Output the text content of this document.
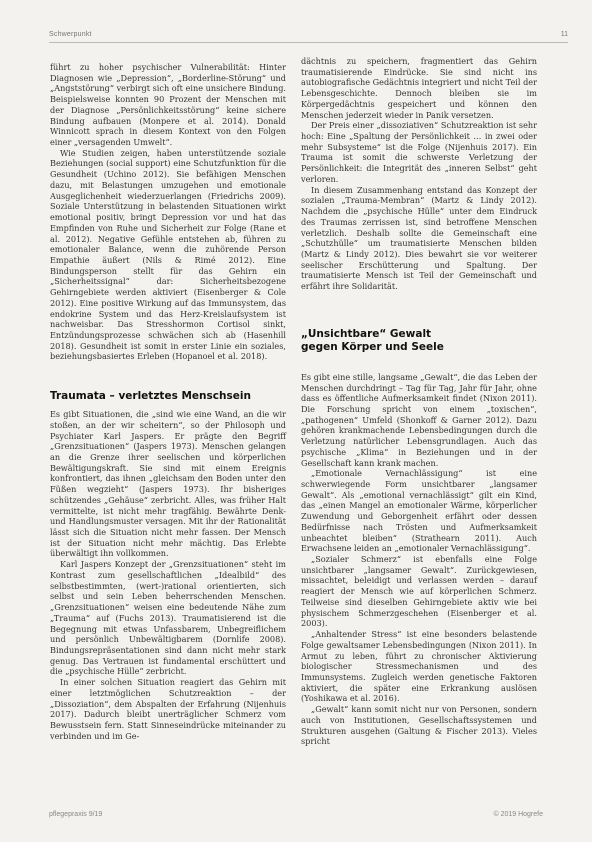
Schwerpunkt	11

führt zu hoher psychischer Vulnerabilität: Hinter Diagnosen wie „Depression“, „Borderline-Störung“ und „Angststörung“ verbirgt sich oft eine unsichere Bindung. Beispielsweise konnten 90 Prozent der Menschen mit der Diagnose „Persönlichkeitsstörung“ keine sichere Bindung aufbauen (Monpere et al. 2014). Donald Winnicott sprach in diesem Kontext von den Folgen einer „versagenden Umwelt“.

Wie Studien zeigen, haben unterstützende soziale Beziehungen (social support) eine Schutzfunktion für die Gesundheit (Uchino 2012). Sie befähigen Menschen dazu, mit Belastungen umzugehen und emotionale Ausgeglichenheit wiederzuerlangen (Friedrichs 2009). Soziale Unterstützung in belastenden Situationen wirkt emotional positiv, bringt Depression vor und hat das Empfinden von Ruhe und Sicherheit zur Folge (Rane et al. 2012). Negative Gefühle entstehen ab, führen zu emotionaler Balance, wenn die zuhörende Person Empathie äußert (Nils & Rimé 2012). Eine Bindungsperson stellt für das Gehirn ein „Sicherheitssignal“ dar: Sicherheitsbezogene Gehirngebiete werden aktiviert (Eisenberger & Cole 2012). Eine positive Wirkung auf das Immunsystem, das endokrine System und das Herz-Kreislaufsystem ist nachweisbar. Das Stresshormon Cortisol sinkt, Entzündungsprozesse schwächen sich ab (Hasenhill 2018). Gesundheit ist somit in erster Linie ein soziales, beziehungsbasiertes Erleben (Hopanoel et al. 2018).

Traumata – verletztes Menschsein

Es gibt Situationen, die „sind wie eine Wand, an die wir stoßen, an der wir scheitern“, so der Philosoph und Psychiater Karl Jaspers. Er prägte den Begriff „Grenzsituationen“ (Jaspers 1973). Menschen gelangen an die Grenze ihrer seelischen und körperlichen Bewältigungskraft. Sie sind mit einem Ereignis konfrontiert, das ihnen „gleichsam den Boden unter den Füßen wegzieht“ (Jaspers 1973). Ihr bisheriges schützendes „Gehäuse“ zerbricht. Alles, was früher Halt vermittelte, ist nicht mehr tragfähig. Bewährte Denk- und Handlungsmuster versagen. Mit ihr der Rationalität lässt sich die Situation nicht mehr fassen. Der Mensch ist der Situation nicht mehr mächtig. Das Erlebte überwältigt ihn vollkommen.

Karl Jaspers Konzept der „Grenzsituationen“ steht im Kontrast zum gesellschaftlichen „Idealbild“ des selbstbestimmten, (wert-)rational orientierten, sich selbst und sein Leben beherrschenden Menschen. „Grenzsituationen“ weisen eine bedeutende Nähe zum „Trauma“ auf (Fuchs 2013). Traumatisierend ist die Begegnung mit etwas Unfassbarem, Unbegreiflichem und persönlich Unbewältigbarem (Dornlife 2008). Bindungsrepräsentationen sind dann nicht mehr stark genug. Das Vertrauen ist fundamental erschüttert und die „psychische Hülle“ zerbricht.

In einer solchen Situation reagiert das Gehirn mit einer letztmöglichen Schutzreaktion – der „Dissoziation“, dem Abspalten der Erfahrung (Nijenhuis 2017). Dadurch bleibt unerträglicher Schmerz vom Bewusstsein fern. Statt Sinneseindrücke miteinander zu verbinden und im Ge-

dächtnis zu speichern, fragmentiert das Gehirn traumatisierende Eindrücke. Sie sind nicht ins autobiografische Gedächtnis integriert und nicht Teil der Lebensgeschichte. Dennoch bleiben sie im Körpergedächtnis gespeichert und können den Menschen jederzeit wieder in Panik versetzen.

Der Preis einer „dissoziativen“ Schutzreaktion ist sehr hoch: Eine „Spaltung der Persönlichkeit … in zwei oder mehr Subsysteme“ ist die Folge (Nijenhuis 2017). Ein Trauma ist somit die schwerste Verletzung der Persönlichkeit: die Integrität des „inneren Selbst“ geht verloren.

In diesem Zusammenhang entstand das Konzept der sozialen „Trauma-Membran“ (Martz & Lindy 2012). Nachdem die „psychische Hülle“ unter dem Eindruck des Traumas zerrissen ist, sind betroffene Menschen verletzlich. Deshalb sollte die Gemeinschaft eine „Schutzhülle“ um traumatisierte Menschen bilden (Martz & Lindy 2012). Dies bewahrt sie vor weiterer seelischer Erschütterung und Spaltung. Der traumatisierte Mensch ist Teil der Gemeinschaft und erfährt ihre Solidarität.

„Unsichtbare“ Gewalt
gegen Körper und Seele

Es gibt eine stille, langsame „Gewalt“, die das Leben der Menschen durchdringt – Tag für Tag, Jahr für Jahr, ohne dass es öffentliche Aufmerksamkeit findet (Nixon 2011). Die Forschung spricht von einem „toxischen“, „pathogenen“ Umfeld (Shonkoff & Garner 2012). Dazu gehören krankmachende Lebensbedingungen durch die Verletzung natürlicher Lebensgrundlagen. Auch das psychische „Klima“ in Beziehungen und in der Gesellschaft kann krank machen.

„Emotionale Vernachlässigung“ ist eine schwerwiegende Form unsichtbarer „langsamer Gewalt“. Als „emotional vernachlässigt“ gilt ein Kind, das „einen Mangel an emotionaler Wärme, körperlicher Zuwendung und Geborgenheit erfährt oder dessen Bedürfnisse nach Trösten und Aufmerksamkeit unbeachtet bleiben“ (Strathearn 2011). Auch Erwachsene leiden an „emotionaler Vernachlässigung“.

„Sozialer Schmerz“ ist ebenfalls eine Folge unsichtbarer „langsamer Gewalt“. Zurückgewiesen, missachtet, beleidigt und verlassen werden – darauf reagiert der Mensch wie auf körperlichen Schmerz. Teilweise sind dieselben Gehirngebiete aktiv wie bei physischem Schmerzgeschehen (Eisenberger et al. 2003).

„Anhaltender Stress“ ist eine besonders belastende Folge gewaltsamer Lebensbedingungen (Nixon 2011). In Armut zu leben, führt zu chronischer Aktivierung biologischer Stressmechanismen und des Immunsystems. Zugleich werden genetische Faktoren aktiviert, die später eine Erkrankung auslösen (Yoshikawa et al. 2016).

„Gewalt“ kann somit nicht nur von Personen, sondern auch von Institutionen, Gesellschaftssystemen und Strukturen ausgehen (Galtung & Fischer 2013). Vieles spricht

pflegepraxis 9/19	© 2019 Hogrefe
